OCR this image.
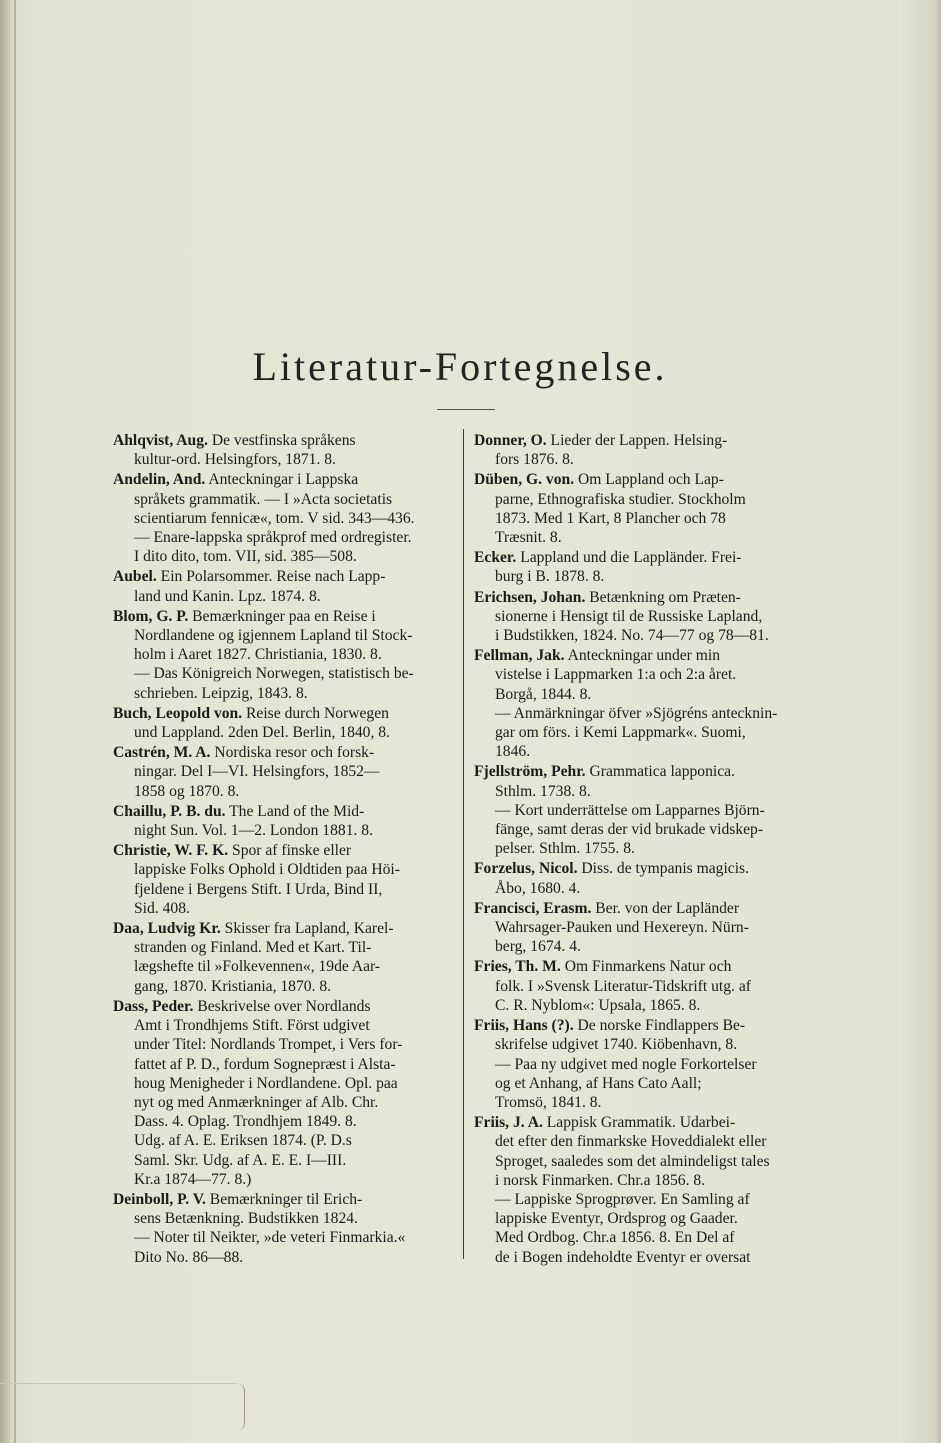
Literatur-Fortegnelse.
Ahlqvist, Aug. De vestfinska språkens
kultur-ord. Helsingfors, 1871. 8.
Andelin, And. Anteckningar i Lappska
språkets grammatik. — I »Acta societatis
scientiarum fennicæ«, tom. V sid. 343—436.
— Enare-lappska språkprof med ordregister.
I dito dito, tom. VII, sid. 385—508.
Aubel. Ein Polarsommer. Reise nach Lapp-
land und Kanin. Lpz. 1874. 8.
Blom, G. P. Bemærkninger paa en Reise i
Nordlandene og igjennem Lapland til Stock-
holm i Aaret 1827. Christiania, 1830. 8.
— Das Königreich Norwegen, statistisch be-
schrieben. Leipzig, 1843. 8.
Buch, Leopold von. Reise durch Norwegen
und Lappland. 2den Del. Berlin, 1840, 8.
Castrén, M. A. Nordiska resor och forsk-
ningar. Del I—VI. Helsingfors, 1852—
1858 og 1870. 8.
Chaillu, P. B. du. The Land of the Mid-
night Sun. Vol. 1—2. London 1881. 8.
Christie, W. F. K. Spor af finske eller
lappiske Folks Ophold i Oldtiden paa Höi-
fjeldene i Bergens Stift. I Urda, Bind II,
Sid. 408.
Daa, Ludvig Kr. Skisser fra Lapland, Karel-
stranden og Finland. Med et Kart. Til-
lægshefte til »Folkevennen«, 19de Aar-
gang, 1870. Kristiania, 1870. 8.
Dass, Peder. Beskrivelse over Nordlands
Amt i Trondhjems Stift. Först udgivet
under Titel: Nordlands Trompet, i Vers for-
fattet af P. D., fordum Sognepræst i Alsta-
houg Menigheder i Nordlandene. Opl. paa
nyt og med Anmærkninger af Alb. Chr.
Dass. 4. Oplag. Trondhjem 1849. 8.
Udg. af A. E. Eriksen 1874. (P. D.s
Saml. Skr. Udg. af A. E. E. I—III.
Kr.a 1874—77. 8.)
Deinboll, P. V. Bemærkninger til Erich-
sens Betænkning. Budstikken 1824.
— Noter til Neikter, »de veteri Finmarkia.«
Dito No. 86—88.
Donner, O. Lieder der Lappen. Helsing-
fors 1876. 8.
Düben, G. von. Om Lappland och Lap-
parne, Ethnografiska studier. Stockholm
1873. Med 1 Kart, 8 Plancher och 78
Træsnit. 8.
Ecker. Lappland und die Lappländer. Frei-
burg i B. 1878. 8.
Erichsen, Johan. Betænkning om Præten-
sionerne i Hensigt til de Russiske Lapland,
i Budstikken, 1824. No. 74—77 og 78—81.
Fellman, Jak. Anteckningar under min
vistelse i Lappmarken 1:a och 2:a året.
Borgå, 1844. 8.
— Anmärkningar öfver »Sjögréns antecknin-
gar om förs. i Kemi Lappmark«. Suomi,
1846.
Fjellström, Pehr. Grammatica lapponica.
Sthlm. 1738. 8.
— Kort underrättelse om Lapparnes Björn-
fänge, samt deras der vid brukade vidskep-
pelser. Sthlm. 1755. 8.
Forzelus, Nicol. Diss. de tympanis magicis.
Åbo, 1680. 4.
Francisci, Erasm. Ber. von der Lapländer
Wahrsager-Pauken und Hexereyn. Nürn-
berg, 1674. 4.
Fries, Th. M. Om Finmarkens Natur och
folk. I »Svensk Literatur-Tidskrift utg. af
C. R. Nyblom«: Upsala, 1865. 8.
Friis, Hans (?). De norske Findlappers Be-
skrifelse udgivet 1740. Kiöbenhavn, 8.
— Paa ny udgivet med nogle Forkortelser
og et Anhang, af Hans Cato Aall;
Tromsö, 1841. 8.
Friis, J. A. Lappisk Grammatik. Udarbei-
det efter den finmarkske Hoveddialekt eller
Sproget, saaledes som det almindeligst tales
i norsk Finmarken. Chr.a 1856. 8.
— Lappiske Sprogprøver. En Samling af
lappiske Eventyr, Ordsprog og Gaader.
Med Ordbog. Chr.a 1856. 8. En Del af
de i Bogen indeholdte Eventyr er oversat
